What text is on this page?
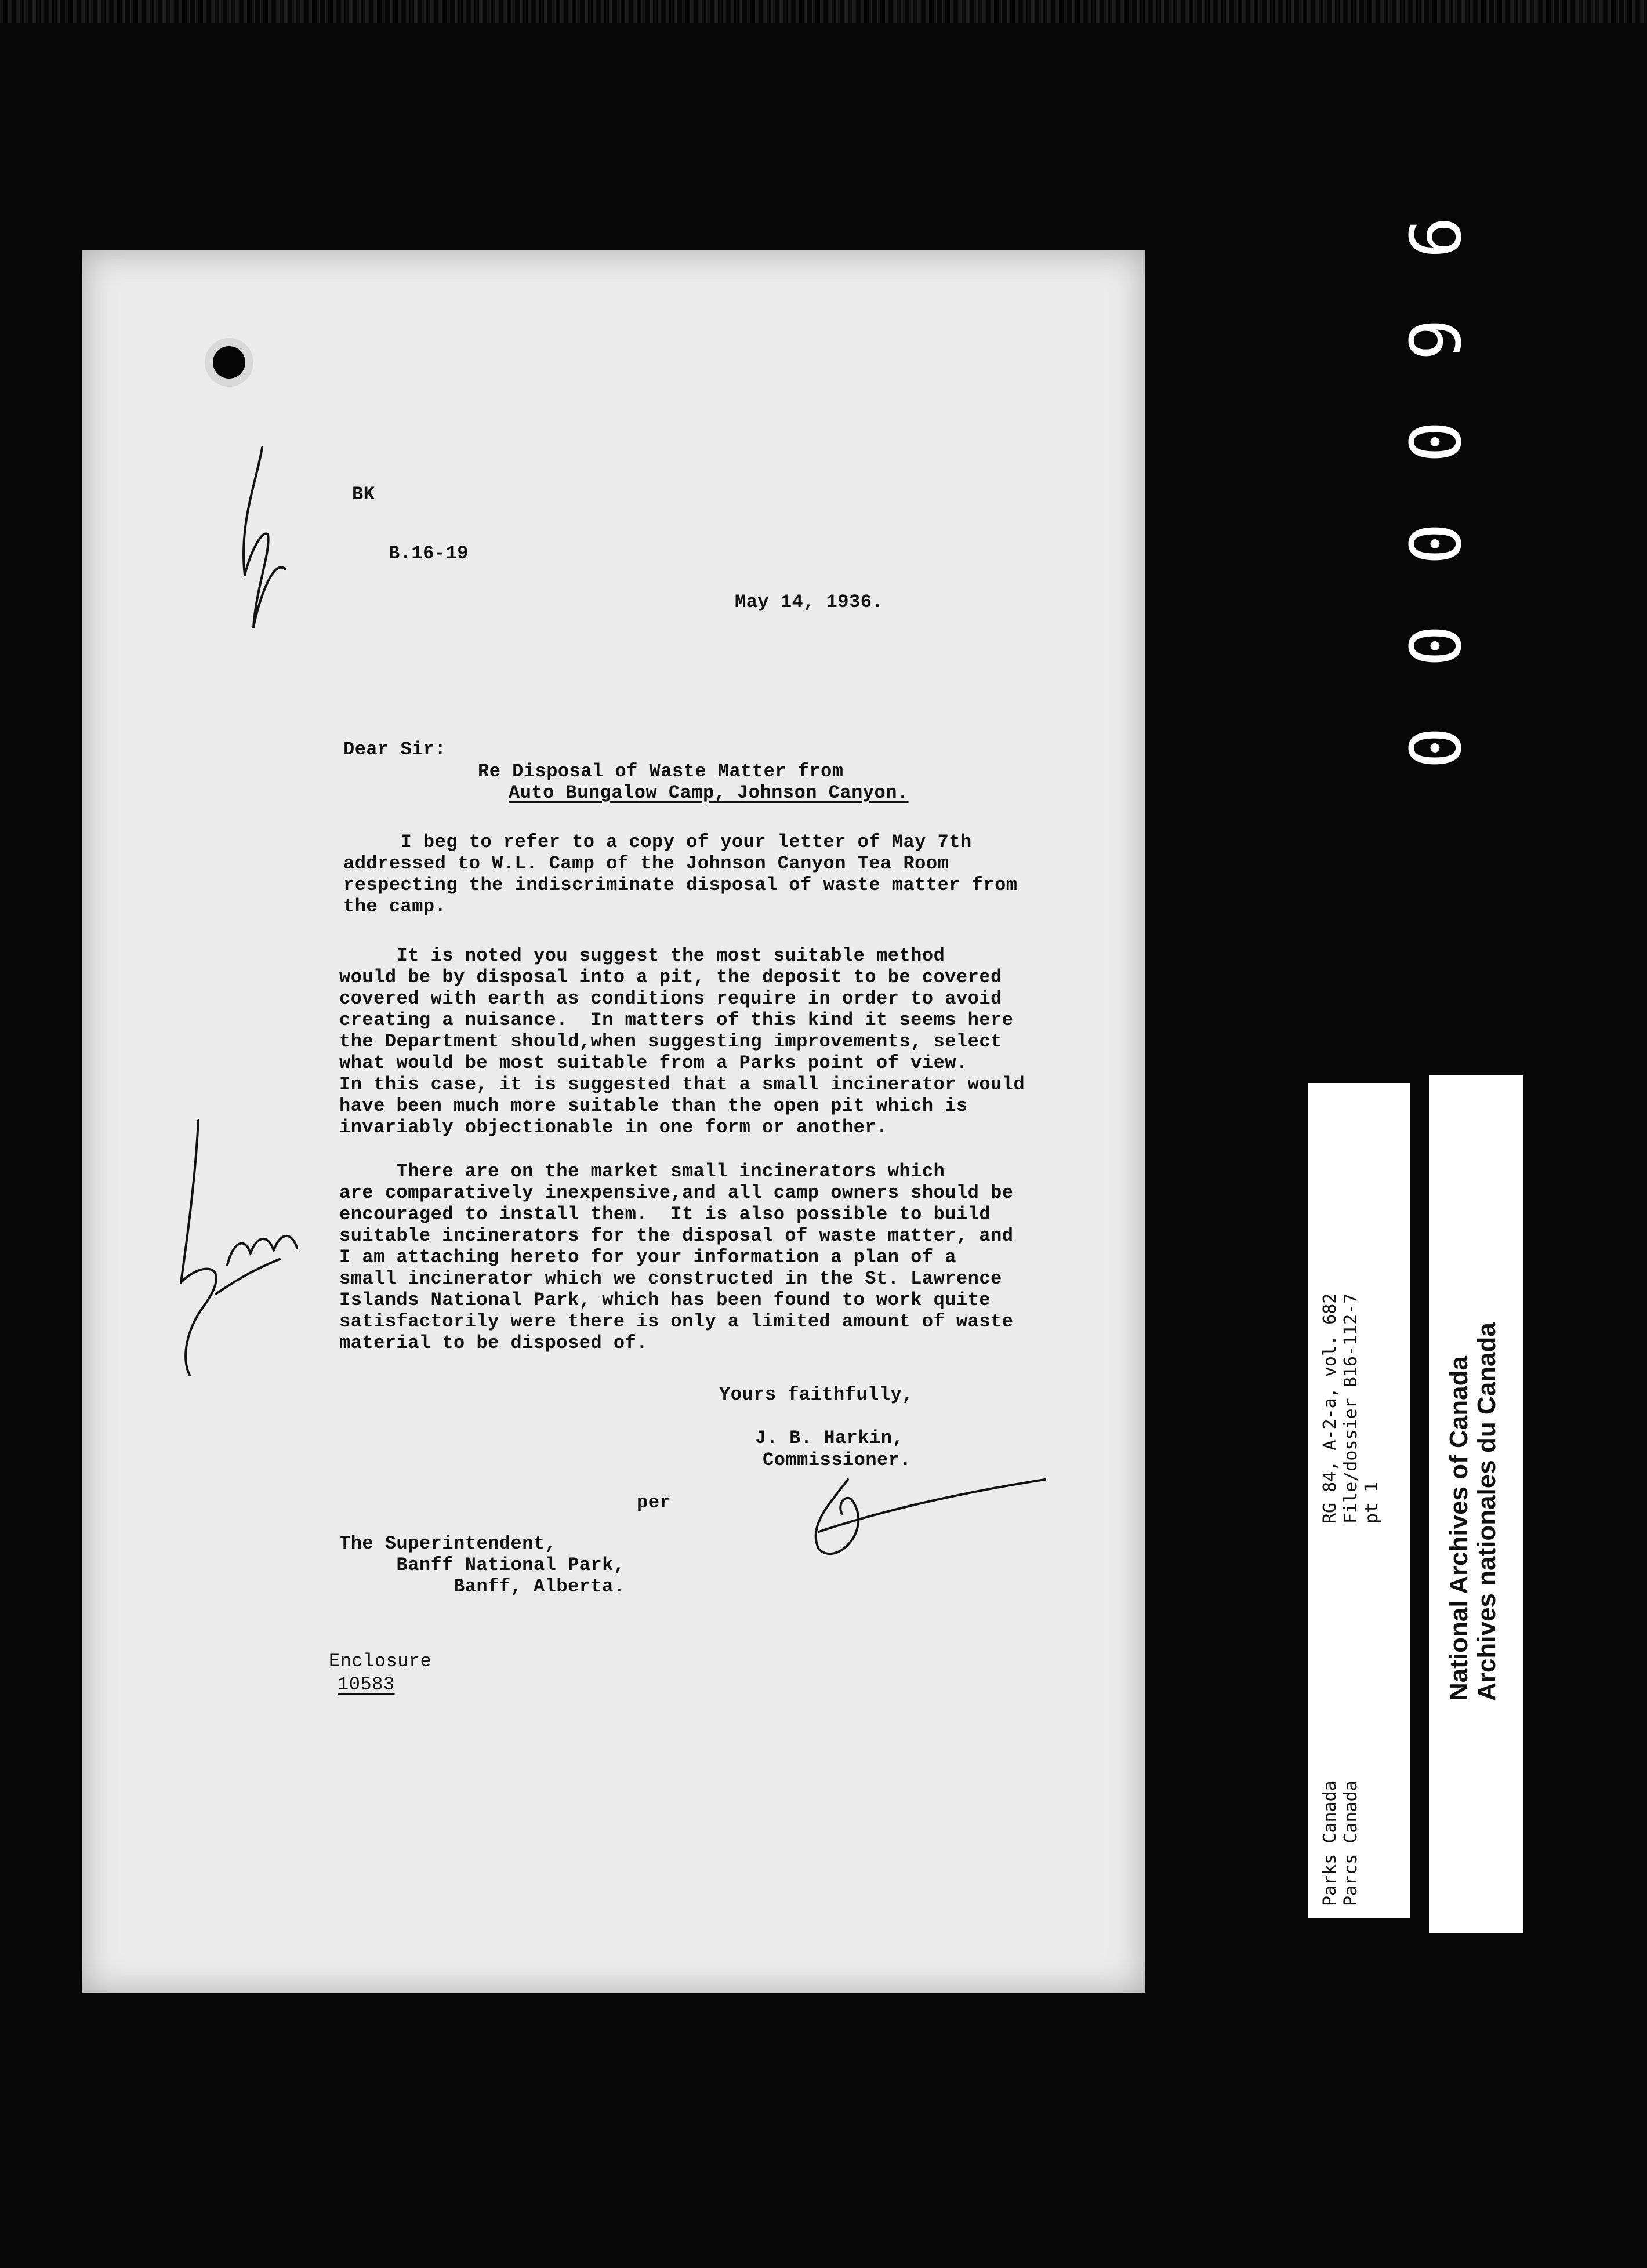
BK
B.16-19
May 14, 1936.
Dear Sir:
Re Disposal of Waste Matter from
Auto Bungalow Camp, Johnson Canyon.
I beg to refer to a copy of your letter of May 7th
addressed to W.L. Camp of the Johnson Canyon Tea Room
respecting the indiscriminate disposal of waste matter from
the camp.
It is noted you suggest the most suitable method
would be by disposal into a pit, the deposit to be covered
covered with earth as conditions require in order to avoid
creating a nuisance.  In matters of this kind it seems here
the Department should,when suggesting improvements, select
what would be most suitable from a Parks point of view.
In this case, it is suggested that a small incinerator would
have been much more suitable than the open pit which is
invariably objectionable in one form or another.
There are on the market small incinerators which
are comparatively inexpensive,and all camp owners should be
encouraged to install them.  It is also possible to build
suitable incinerators for the disposal of waste matter, and
I am attaching hereto for your information a plan of a
small incinerator which we constructed in the St. Lawrence
Islands National Park, which has been found to work quite
satisfactorily were there is only a limited amount of waste
material to be disposed of.
Yours faithfully,
J. B. Harkin,
Commissioner.
per
The Superintendent,
Banff National Park,
Banff, Alberta.
Enclosure
10583
9
6
0
0
0
0
RG 84, A-2-a, vol. 682 File/dossier B16-112-7 pt 1
Parks Canada Parcs Canada
National Archives of Canada Archives nationales du Canada
